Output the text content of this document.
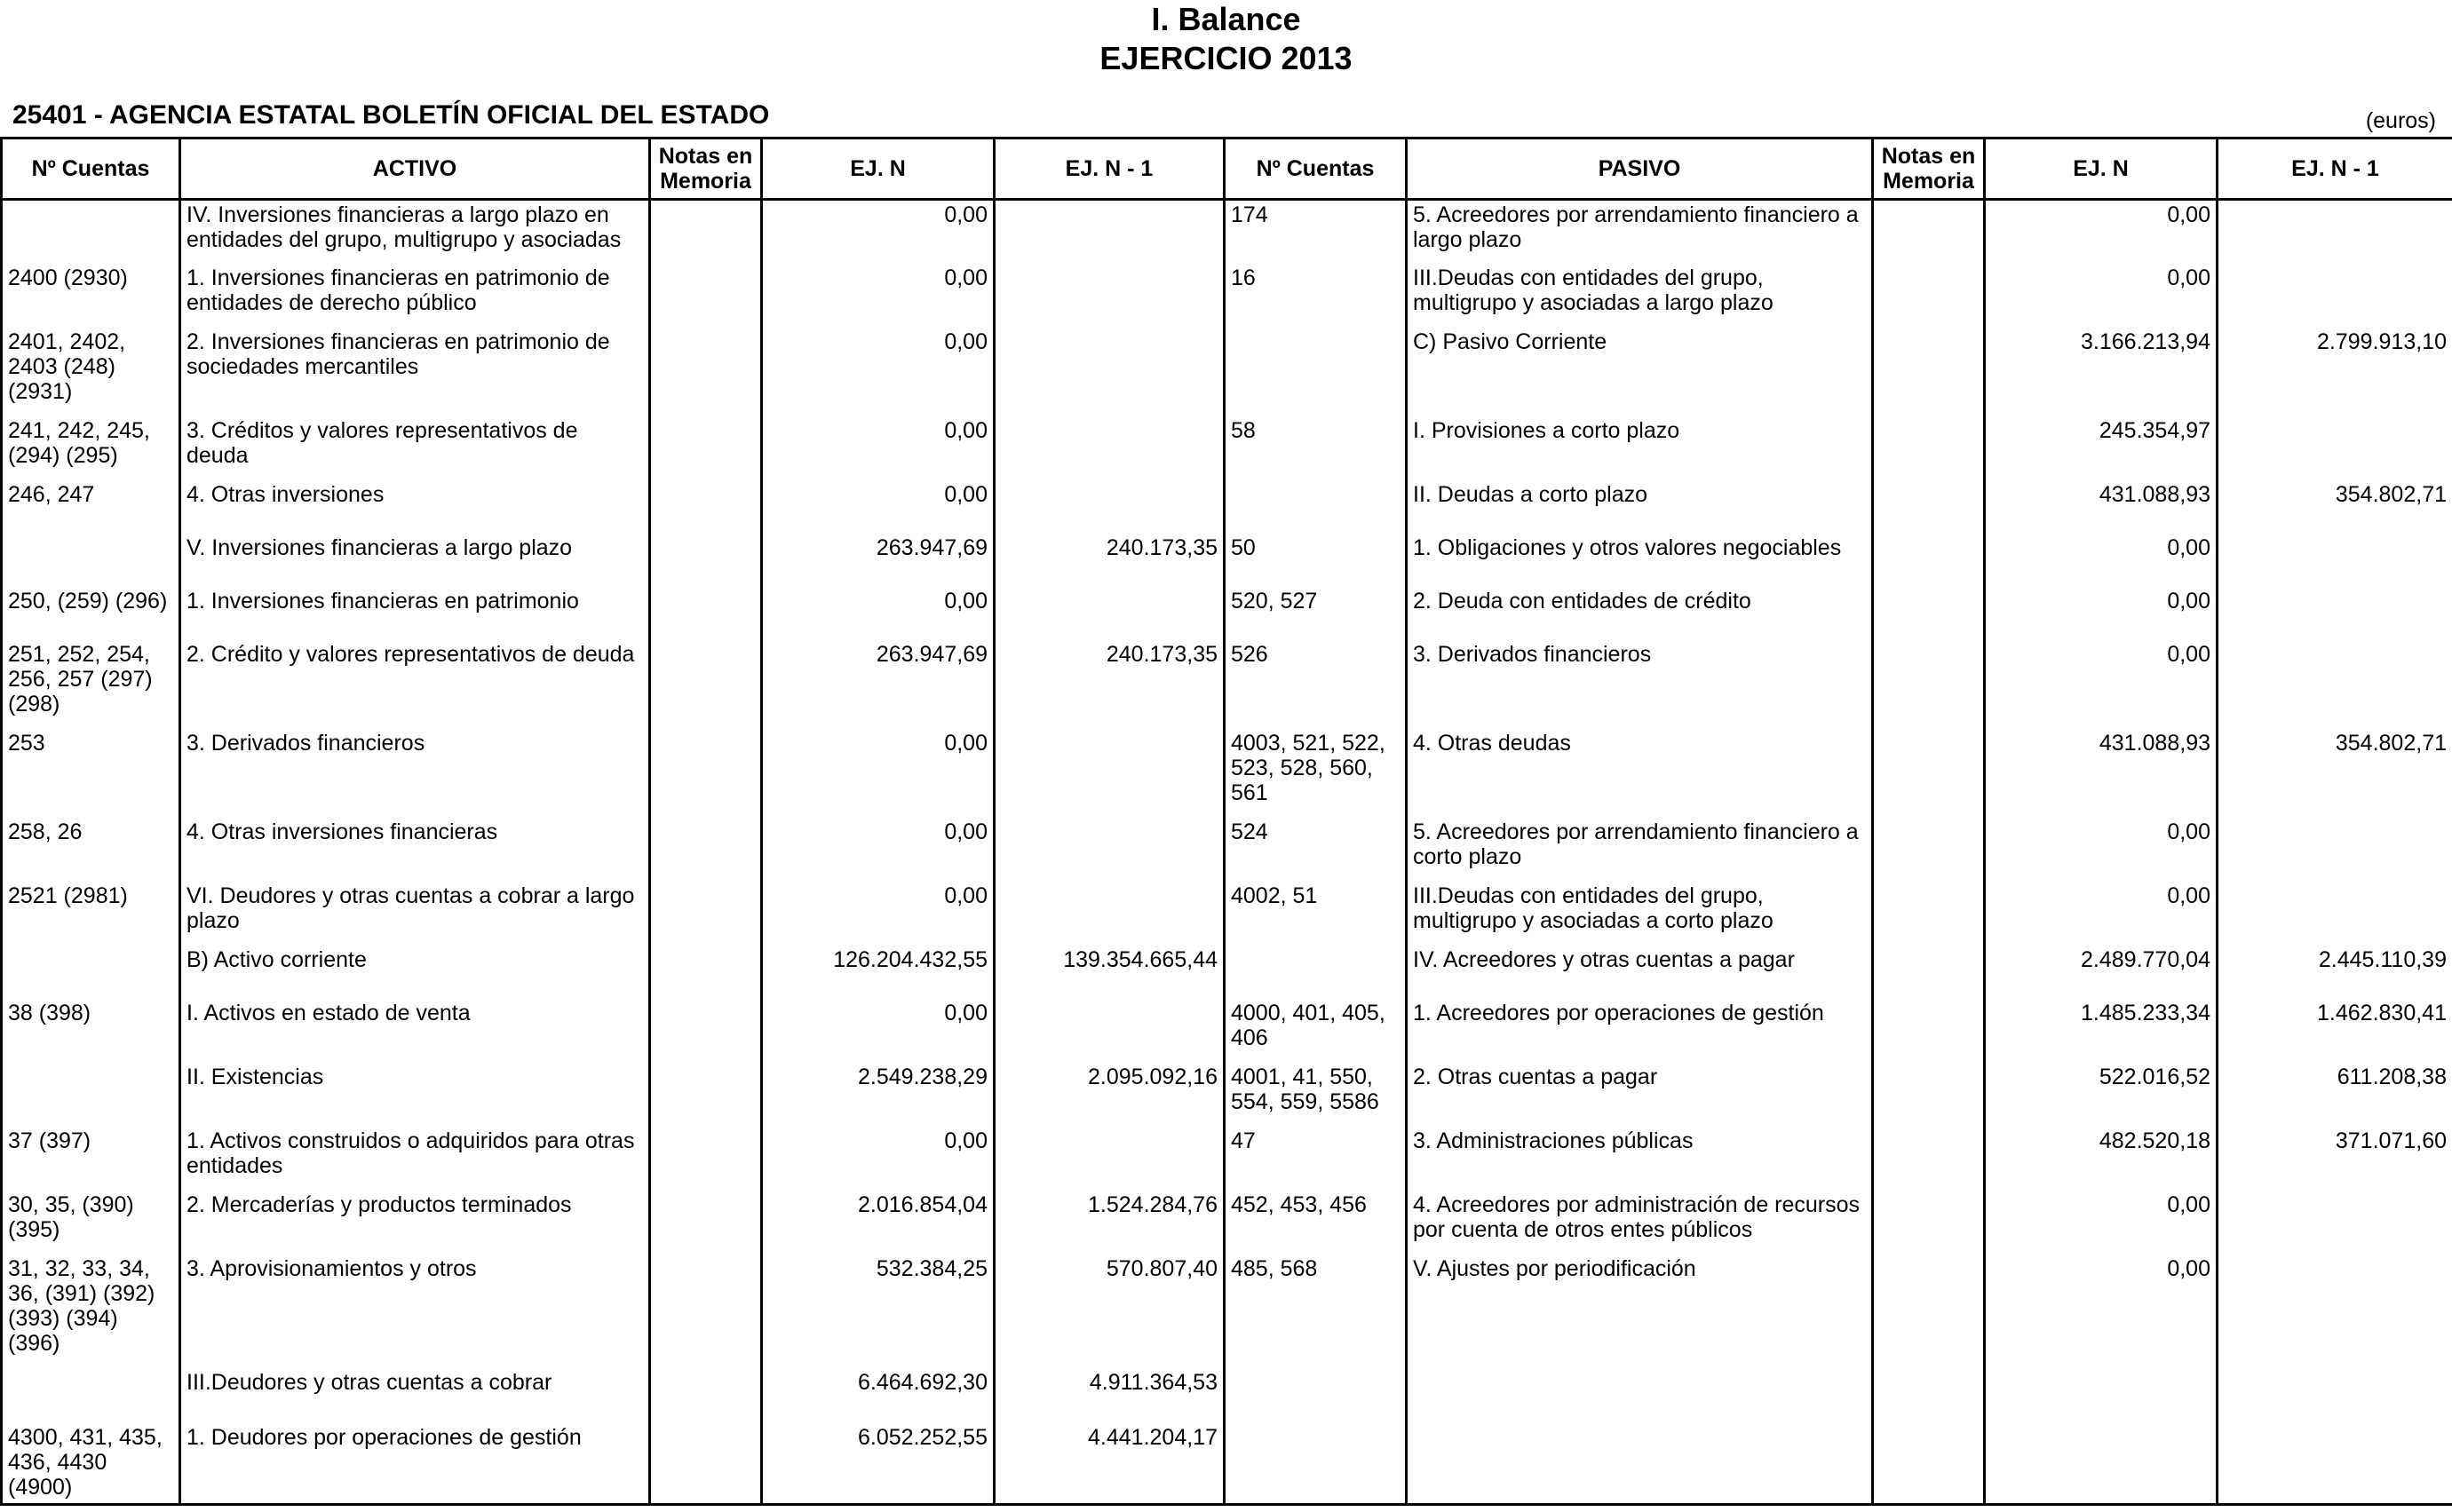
I. Balance
EJERCICIO 2013
25401 - AGENCIA ESTATAL BOLETÍN OFICIAL DEL ESTADO	(euros)
Nº Cuentas	ACTIVO	Notas en Memoria	EJ. N	EJ. N - 1	Nº Cuentas	PASIVO	Notas en Memoria	EJ. N	EJ. N - 1
	IV. Inversiones financieras a largo plazo en entidades del grupo, multigrupo y asociadas		0,00		174	5. Acreedores por arrendamiento financiero a largo plazo		0,00	
2400 (2930)	1. Inversiones financieras en patrimonio de entidades de derecho público		0,00		16	III.Deudas con entidades del grupo, multigrupo y asociadas a largo plazo		0,00	
2401, 2402, 2403 (248) (2931)	2. Inversiones financieras en patrimonio de sociedades mercantiles		0,00			C) Pasivo Corriente		3.166.213,94	2.799.913,10
241, 242, 245, (294) (295)	3. Créditos y valores representativos de deuda		0,00		58	I. Provisiones a corto plazo		245.354,97	
246, 247	4. Otras inversiones		0,00			II. Deudas a corto plazo		431.088,93	354.802,71
	V. Inversiones financieras a largo plazo		263.947,69	240.173,35	50	1. Obligaciones y otros valores negociables		0,00	
250, (259) (296)	1. Inversiones financieras en patrimonio		0,00		520, 527	2. Deuda con entidades de crédito		0,00	
251, 252, 254, 256, 257 (297) (298)	2. Crédito y valores representativos de deuda		263.947,69	240.173,35	526	3. Derivados financieros		0,00	
253	3. Derivados financieros		0,00		4003, 521, 522, 523, 528, 560, 561	4. Otras deudas		431.088,93	354.802,71
258, 26	4. Otras inversiones financieras		0,00		524	5. Acreedores por arrendamiento financiero a corto plazo		0,00	
2521 (2981)	VI. Deudores y otras cuentas a cobrar a largo plazo		0,00		4002, 51	III.Deudas con entidades del grupo, multigrupo y asociadas a corto plazo		0,00	
	B) Activo corriente		126.204.432,55	139.354.665,44		IV. Acreedores y otras cuentas a pagar		2.489.770,04	2.445.110,39
38 (398)	I. Activos en estado de venta		0,00		4000, 401, 405, 406	1. Acreedores por operaciones de gestión		1.485.233,34	1.462.830,41
	II. Existencias		2.549.238,29	2.095.092,16	4001, 41, 550, 554, 559, 5586	2. Otras cuentas a pagar		522.016,52	611.208,38
37 (397)	1. Activos construidos o adquiridos para otras entidades		0,00		47	3. Administraciones públicas		482.520,18	371.071,60
30, 35, (390) (395)	2. Mercaderías y productos terminados		2.016.854,04	1.524.284,76	452, 453, 456	4. Acreedores por administración de recursos por cuenta de otros entes públicos		0,00	
31, 32, 33, 34, 36, (391) (392) (393) (394) (396)	3. Aprovisionamientos y otros		532.384,25	570.807,40	485, 568	V. Ajustes por periodificación		0,00	
	III.Deudores y otras cuentas a cobrar		6.464.692,30	4.911.364,53					
4300, 431, 435, 436, 4430 (4900)	1. Deudores por operaciones de gestión		6.052.252,55	4.441.204,17					
